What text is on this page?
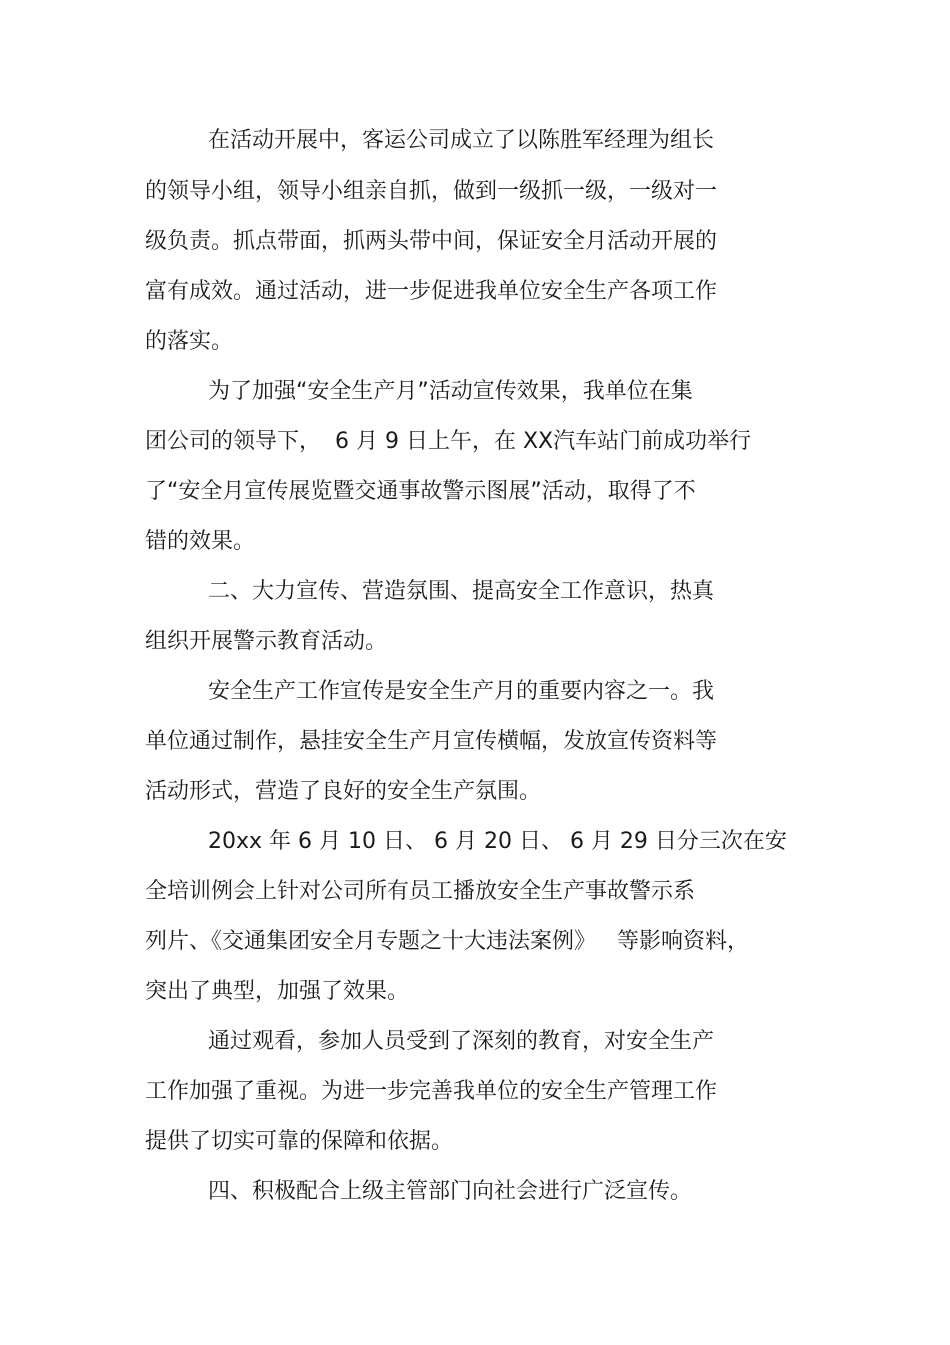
在活动开展中，客运公司成立了以陈胜军经理为组长

的领导小组，领导小组亲自抓，做到一级抓一级，一级对一

级负责。抓点带面，抓两头带中间，保证安全月活动开展的

富有成效。通过活动，进一步促进我单位安全生产各项工作

的落实。

为了加强“安全生产月”活动宣传效果，我单位在集

团公司的领导下，  6 月 9 日上午，在 XX汽车站门前成功举行

了“安全月宣传展览暨交通事故警示图展”活动，取得了不

错的效果。

二、大力宣传、营造氛围、提高安全工作意识，热真

组织开展警示教育活动。

安全生产工作宣传是安全生产月的重要内容之一。我

单位通过制作，悬挂安全生产月宣传横幅，发放宣传资料等

活动形式，营造了良好的安全生产氛围。

20xx 年 6 月 10 日、 6 月 20 日、 6 月 29 日分三次在安

全培训例会上针对公司所有员工播放安全生产事故警示系

列片、《交通集团安全月专题之十大违法案例》   等影响资料，

突出了典型，加强了效果。

通过观看，参加人员受到了深刻的教育，对安全生产

工作加强了重视。为进一步完善我单位的安全生产管理工作

提供了切实可靠的保障和依据。

四、积极配合上级主管部门向社会进行广泛宣传。
